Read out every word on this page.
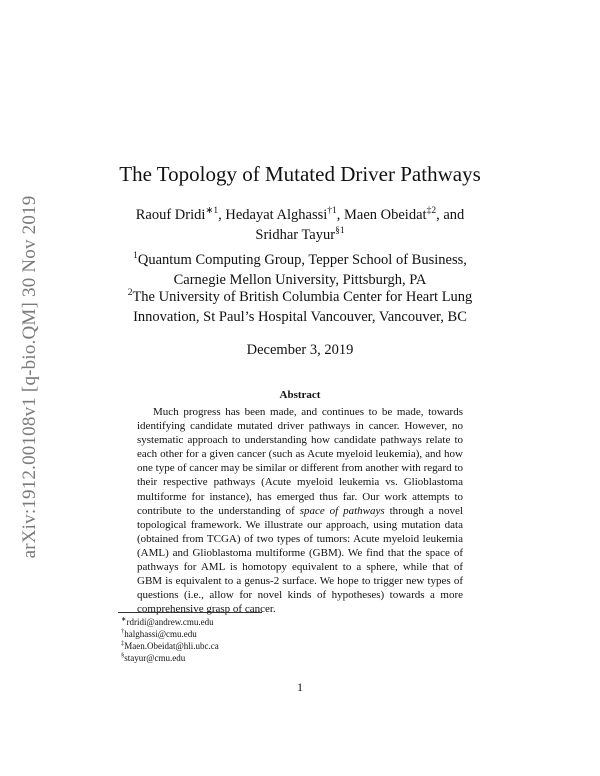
arXiv:1912.00108v1 [q-bio.QM] 30 Nov 2019
The Topology of Mutated Driver Pathways
Raouf Dridi$^{∗1}$, Hedayat Alghassi$^{\dagger 1}$, Maen Obeidat$^{\ddagger 2}$, and
Sridhar Tayur$^{\S 1}$
$^1$Quantum Computing Group, Tepper School of Business,
Carnegie Mellon University, Pittsburgh, PA
$^2$The University of British Columbia Center for Heart Lung
Innovation, St Paul’s Hospital Vancouver, Vancouver, BC
December 3, 2019
Abstract

Much progress has been made, and continues to be made, towards identifying candidate mutated driver pathways in cancer. However, no systematic approach to understanding how candidate pathways relate to each other for a given cancer (such as Acute myeloid leukemia), and how one type of cancer may be similar or different from another with regard to their respective pathways (Acute myeloid leukemia vs. Glioblastoma multiforme for instance), has emerged thus far. Our work attempts to contribute to the understanding of space of pathways through a novel topological framework. We illustrate our approach, using mutation data (obtained from TCGA) of two types of tumors: Acute myeloid leukemia (AML) and Glioblastoma multiforme (GBM). We find that the space of pathways for AML is homotopy equivalent to a sphere, while that of GBM is equivalent to a genus-2 surface. We hope to trigger new types of questions (i.e., allow for novel kinds of hypotheses) towards a more comprehensive grasp of cancer.

∗rdridi@andrew.cmu.edu
†halghassi@cmu.edu
‡Maen.Obeidat@hli.ubc.ca
§stayur@cmu.edu
1
